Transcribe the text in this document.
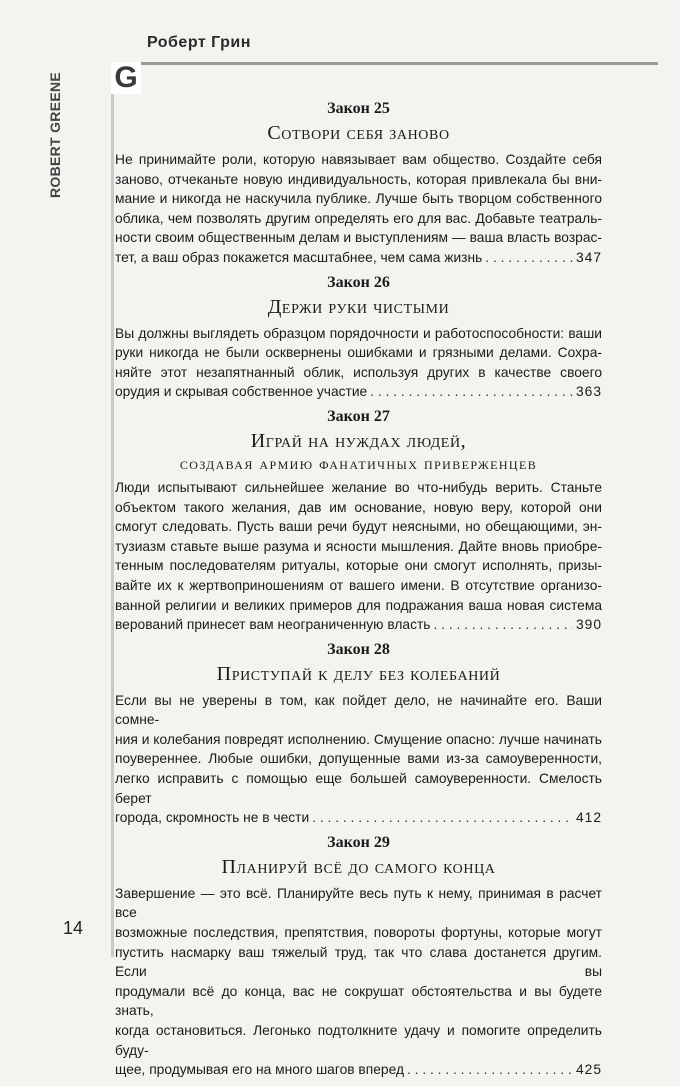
Роберт Грин
G
ROBERT GREENE	Закон 25
Сотвори себя заново
Не принимайте роли, которую навязывает вам общество. Создайте себя
заново, отчеканьте новую индивидуальность, которая привлекала бы вни-
мание и никогда не наскучила публике. Лучше быть творцом собственного
облика, чем позволять другим определять его для вас. Добавьте театраль-
ности своим общественным делам и выступлениям — ваша власть возрас-
тет, а ваш образ покажется масштабнее, чем сама жизнь . . .	347
Закон 26
Держи руки чистыми
Вы должны выглядеть образцом порядочности и работоспособности: ваши
руки никогда не были осквернены ошибками и грязными делами. Сохра-
няйте этот незапятнанный облик, используя других в качестве своего
орудия и скрывая собственное участие . . .	363
Закон 27
Играй на нуждах людей,
создавая армию фанатичных приверженцев
Люди испытывают сильнейшее желание во что-нибудь верить. Станьте
объектом такого желания, дав им основание, новую веру, которой они
смогут следовать. Пусть ваши речи будут неясными, но обещающими, эн-
тузиазм ставьте выше разума и ясности мышления. Дайте вновь приобре-
тенным последователям ритуалы, которые они смогут исполнять, призы-
вайте их к жертвоприношениям от вашего имени. В отсутствие организо-
ванной религии и великих примеров для подражания ваша новая система
верований принесет вам неограниченную власть . . .	390
Закон 28
Приступай к делу без колебаний
Если вы не уверены в том, как пойдет дело, не начинайте его. Ваши сомне-
ния и колебания повредят исполнению. Смущение опасно: лучше начинать
поувереннее. Любые ошибки, допущенные вами из-за самоуверенности,
легко исправить с помощью еще большей самоуверенности. Смелость берет
города, скромность не в чести . . .	412
Закон 29
Планируй всё до самого конца
Завершение — это всё. Планируйте весь путь к нему, принимая в расчет все
возможные последствия, препятствия, повороты фортуны, которые могут
пустить насмарку ваш тяжелый труд, так что слава достанется другим. Если вы
продумали всё до конца, вас не сокрушат обстоятельства и вы будете знать,
когда остановиться. Легонько подтолкните удачу и помогите определить буду-
щее, продумывая его на много шагов вперед . . .	425
14
